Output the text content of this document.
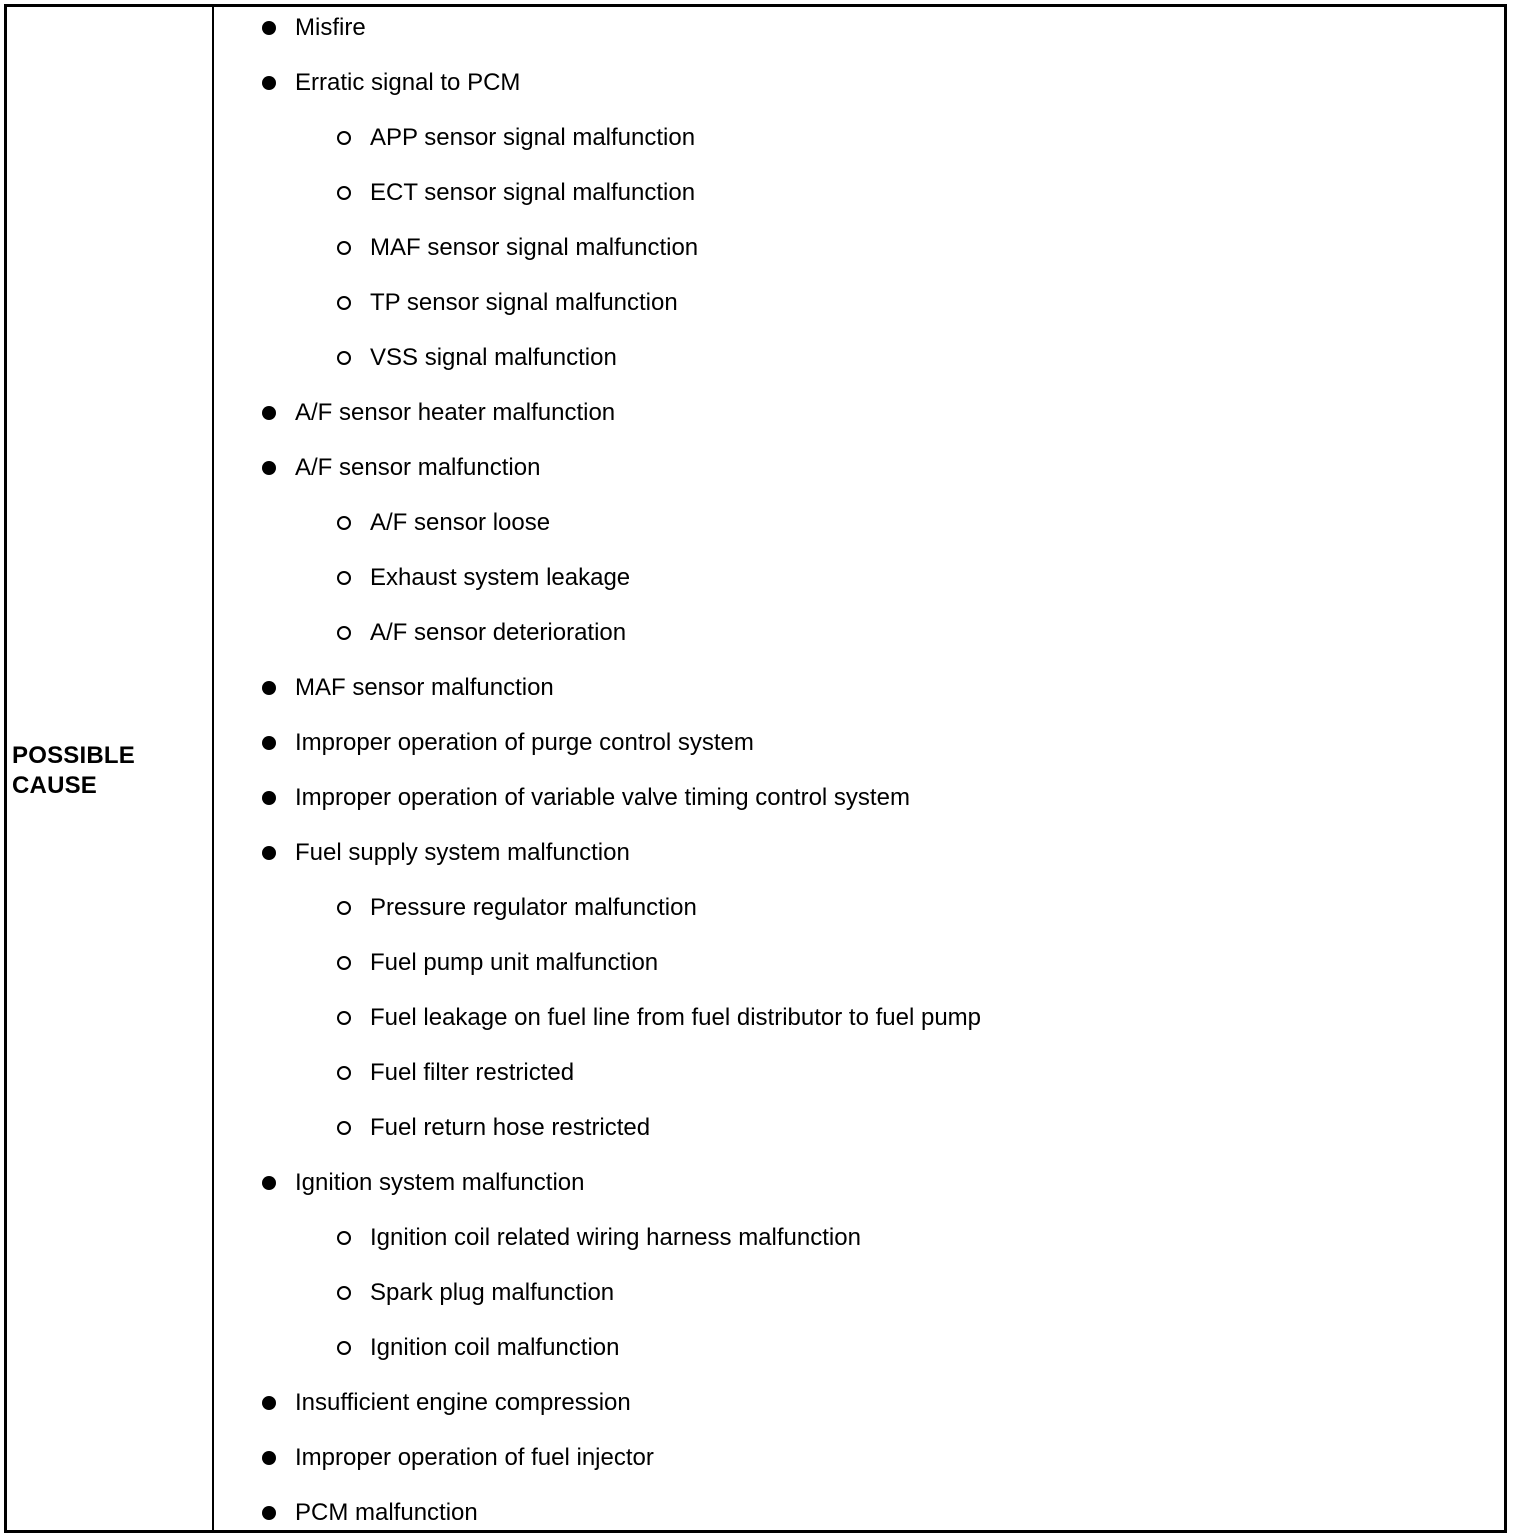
POSSIBLE
CAUSE
Misfire
Erratic signal to PCM
APP sensor signal malfunction
ECT sensor signal malfunction
MAF sensor signal malfunction
TP sensor signal malfunction
VSS signal malfunction
A/F sensor heater malfunction
A/F sensor malfunction
A/F sensor loose
Exhaust system leakage
A/F sensor deterioration
MAF sensor malfunction
Improper operation of purge control system
Improper operation of variable valve timing control system
Fuel supply system malfunction
Pressure regulator malfunction
Fuel pump unit malfunction
Fuel leakage on fuel line from fuel distributor to fuel pump
Fuel filter restricted
Fuel return hose restricted
Ignition system malfunction
Ignition coil related wiring harness malfunction
Spark plug malfunction
Ignition coil malfunction
Insufficient engine compression
Improper operation of fuel injector
PCM malfunction
